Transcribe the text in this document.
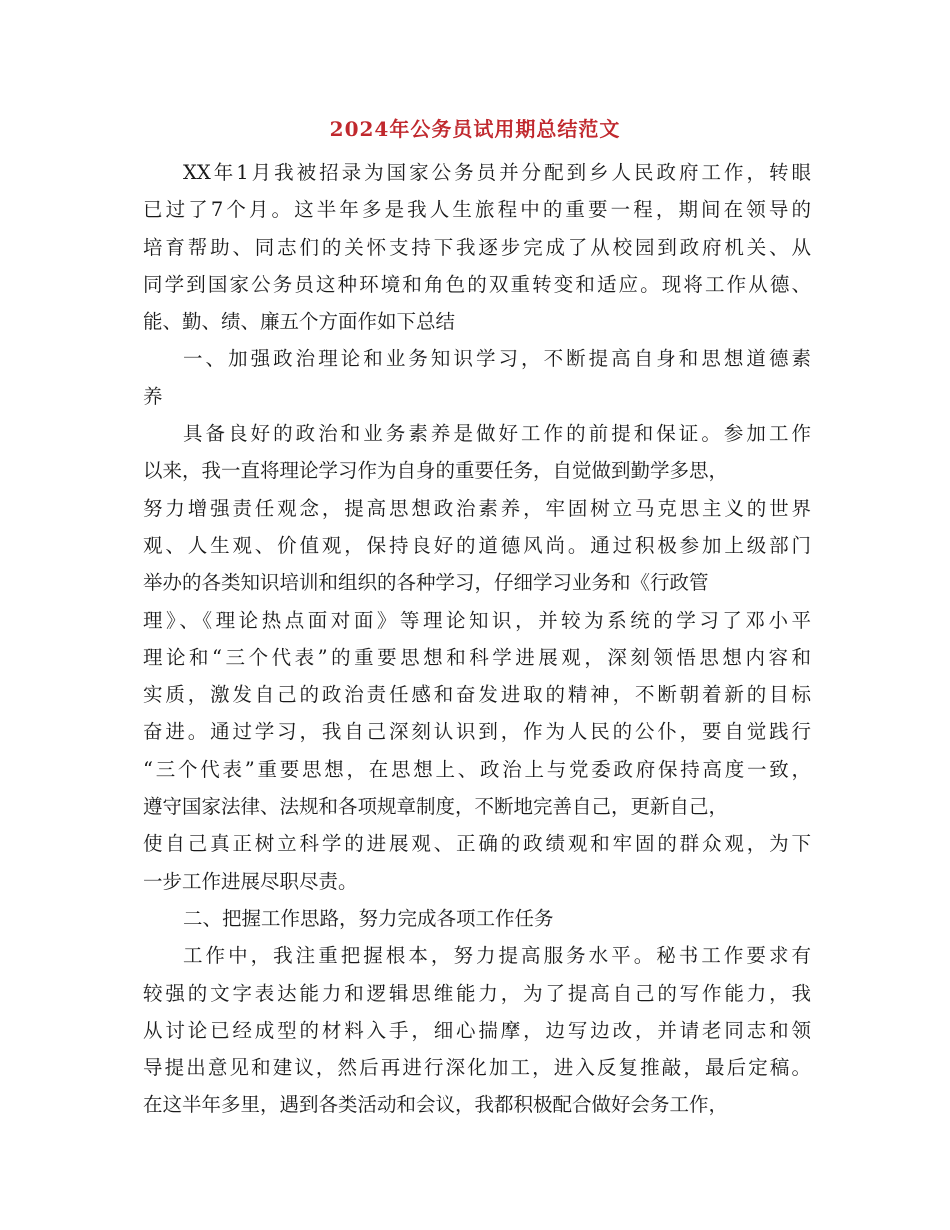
2024年公务员试用期总结范文
XX年1月我被招录为国家公务员并分配到乡人民政府工作，转眼
已过了7个月。这半年多是我人生旅程中的重要一程，期间在领导的
培育帮助、同志们的关怀支持下我逐步完成了从校园到政府机关、从
同学到国家公务员这种环境和角色的双重转变和适应。现将工作从德、
能、勤、绩、廉五个方面作如下总结
一、加强政治理论和业务知识学习，不断提高自身和思想道德素
养
具备良好的政治和业务素养是做好工作的前提和保证。参加工作
以来，我一直将理论学习作为自身的重要任务，自觉做到勤学多思，
努力增强责任观念，提高思想政治素养，牢固树立马克思主义的世界
观、人生观、价值观，保持良好的道德风尚。通过积极参加上级部门
举办的各类知识培训和组织的各种学习，仔细学习业务和《行政管
理》、《理论热点面对面》等理论知识，并较为系统的学习了邓小平
理论和“三个代表”的重要思想和科学进展观，深刻领悟思想内容和
实质，激发自己的政治责任感和奋发进取的精神，不断朝着新的目标
奋进。通过学习，我自己深刻认识到，作为人民的公仆，要自觉践行
“三个代表”重要思想，在思想上、政治上与党委政府保持高度一致，
遵守国家法律、法规和各项规章制度，不断地完善自己，更新自己，
使自己真正树立科学的进展观、正确的政绩观和牢固的群众观，为下
一步工作进展尽职尽责。
二、把握工作思路，努力完成各项工作任务
工作中，我注重把握根本，努力提高服务水平。秘书工作要求有
较强的文字表达能力和逻辑思维能力，为了提高自己的写作能力，我
从讨论已经成型的材料入手，细心揣摩，边写边改，并请老同志和领
导提出意见和建议，然后再进行深化加工，进入反复推敲，最后定稿。
在这半年多里，遇到各类活动和会议，我都积极配合做好会务工作，
